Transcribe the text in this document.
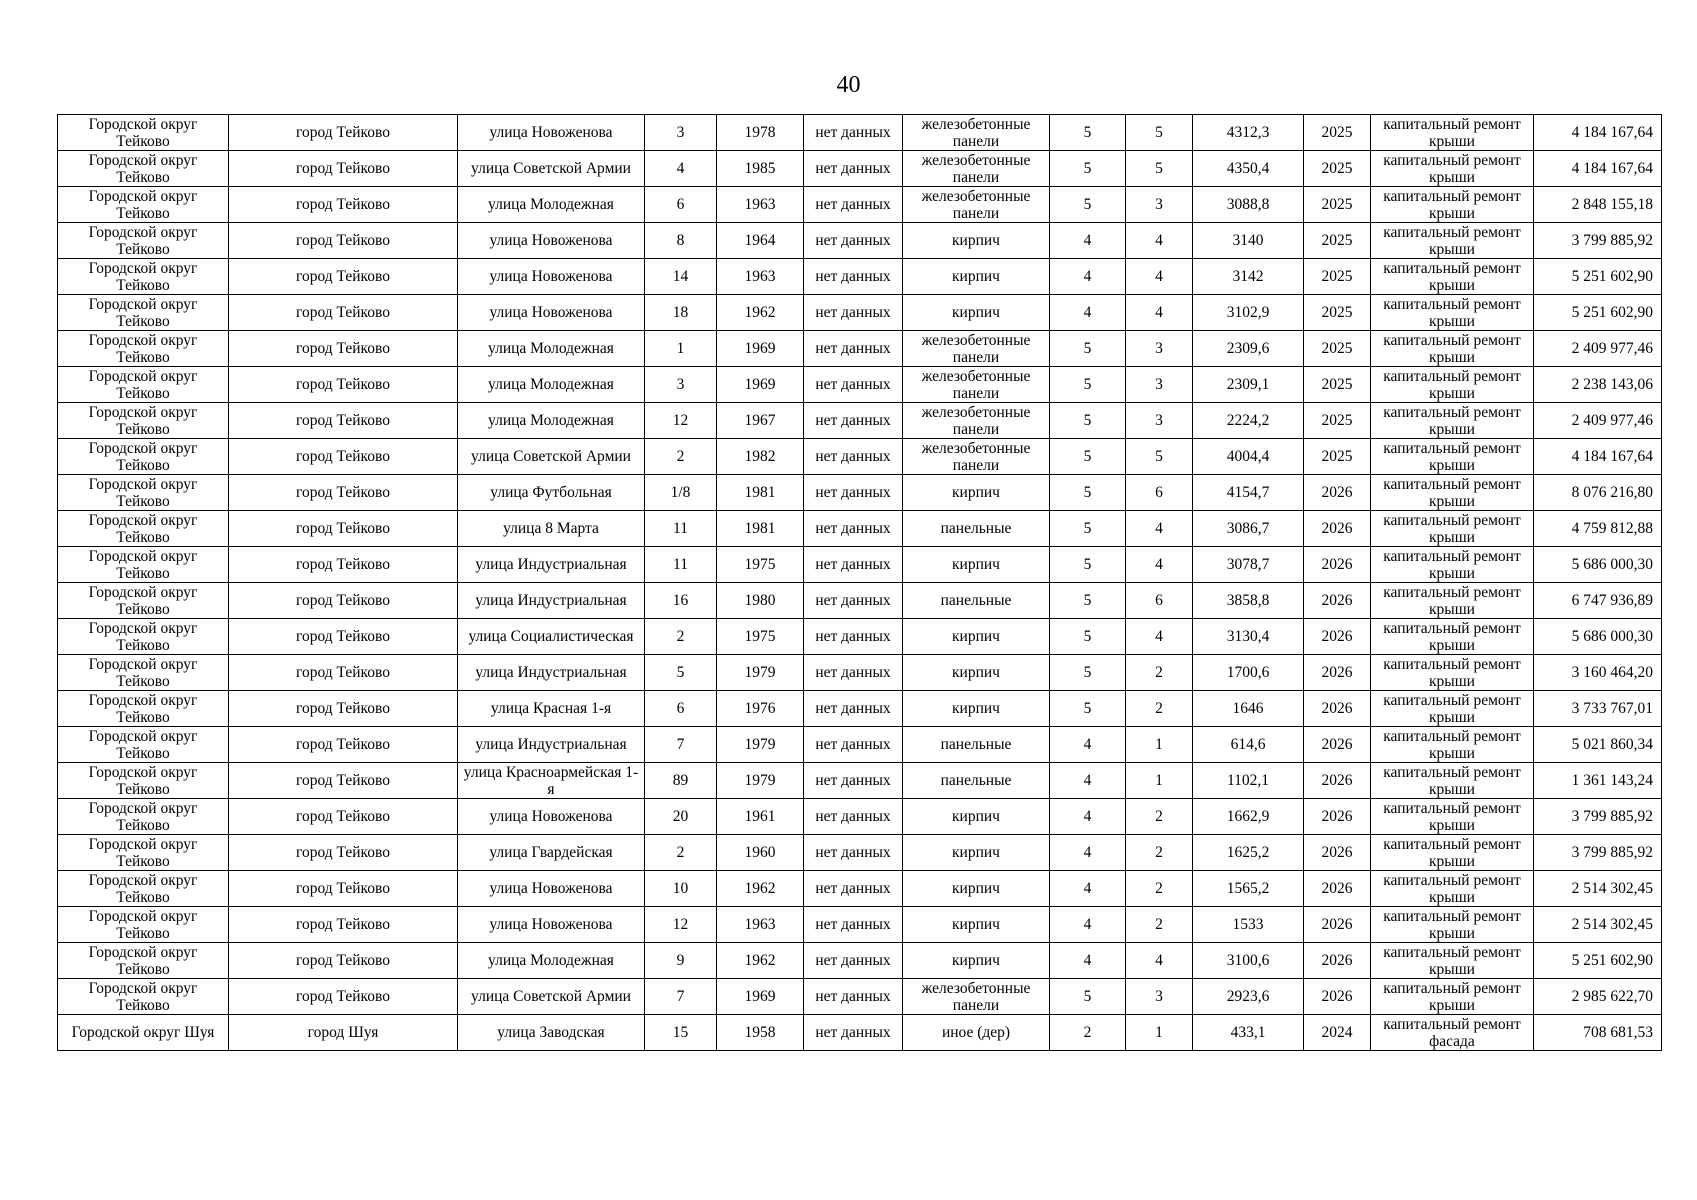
40
Городской округ Тейково	город Тейково	улица Новоженова	3	1978	нет данных	железобетонные панели	5	5	4312,3	2025	капитальный ремонт крыши	4 184 167,64
Городской округ Тейково	город Тейково	улица Советской Армии	4	1985	нет данных	железобетонные панели	5	5	4350,4	2025	капитальный ремонт крыши	4 184 167,64
Городской округ Тейково	город Тейково	улица Молодежная	6	1963	нет данных	железобетонные панели	5	3	3088,8	2025	капитальный ремонт крыши	2 848 155,18
Городской округ Тейково	город Тейково	улица Новоженова	8	1964	нет данных	кирпич	4	4	3140	2025	капитальный ремонт крыши	3 799 885,92
Городской округ Тейково	город Тейково	улица Новоженова	14	1963	нет данных	кирпич	4	4	3142	2025	капитальный ремонт крыши	5 251 602,90
Городской округ Тейково	город Тейково	улица Новоженова	18	1962	нет данных	кирпич	4	4	3102,9	2025	капитальный ремонт крыши	5 251 602,90
Городской округ Тейково	город Тейково	улица Молодежная	1	1969	нет данных	железобетонные панели	5	3	2309,6	2025	капитальный ремонт крыши	2 409 977,46
Городской округ Тейково	город Тейково	улица Молодежная	3	1969	нет данных	железобетонные панели	5	3	2309,1	2025	капитальный ремонт крыши	2 238 143,06
Городской округ Тейково	город Тейково	улица Молодежная	12	1967	нет данных	железобетонные панели	5	3	2224,2	2025	капитальный ремонт крыши	2 409 977,46
Городской округ Тейково	город Тейково	улица Советской Армии	2	1982	нет данных	железобетонные панели	5	5	4004,4	2025	капитальный ремонт крыши	4 184 167,64
Городской округ Тейково	город Тейково	улица Футбольная	1/8	1981	нет данных	кирпич	5	6	4154,7	2026	капитальный ремонт крыши	8 076 216,80
Городской округ Тейково	город Тейково	улица 8 Марта	11	1981	нет данных	панельные	5	4	3086,7	2026	капитальный ремонт крыши	4 759 812,88
Городской округ Тейково	город Тейково	улица Индустриальная	11	1975	нет данных	кирпич	5	4	3078,7	2026	капитальный ремонт крыши	5 686 000,30
Городской округ Тейково	город Тейково	улица Индустриальная	16	1980	нет данных	панельные	5	6	3858,8	2026	капитальный ремонт крыши	6 747 936,89
Городской округ Тейково	город Тейково	улица Социалистическая	2	1975	нет данных	кирпич	5	4	3130,4	2026	капитальный ремонт крыши	5 686 000,30
Городской округ Тейково	город Тейково	улица Индустриальная	5	1979	нет данных	кирпич	5	2	1700,6	2026	капитальный ремонт крыши	3 160 464,20
Городской округ Тейково	город Тейково	улица Красная 1-я	6	1976	нет данных	кирпич	5	2	1646	2026	капитальный ремонт крыши	3 733 767,01
Городской округ Тейково	город Тейково	улица Индустриальная	7	1979	нет данных	панельные	4	1	614,6	2026	капитальный ремонт крыши	5 021 860,34
Городской округ Тейково	город Тейково	улица Красноармейская 1-я	89	1979	нет данных	панельные	4	1	1102,1	2026	капитальный ремонт крыши	1 361 143,24
Городской округ Тейково	город Тейково	улица Новоженова	20	1961	нет данных	кирпич	4	2	1662,9	2026	капитальный ремонт крыши	3 799 885,92
Городской округ Тейково	город Тейково	улица Гвардейская	2	1960	нет данных	кирпич	4	2	1625,2	2026	капитальный ремонт крыши	3 799 885,92
Городской округ Тейково	город Тейково	улица Новоженова	10	1962	нет данных	кирпич	4	2	1565,2	2026	капитальный ремонт крыши	2 514 302,45
Городской округ Тейково	город Тейково	улица Новоженова	12	1963	нет данных	кирпич	4	2	1533	2026	капитальный ремонт крыши	2 514 302,45
Городской округ Тейково	город Тейково	улица Молодежная	9	1962	нет данных	кирпич	4	4	3100,6	2026	капитальный ремонт крыши	5 251 602,90
Городской округ Тейково	город Тейково	улица Советской Армии	7	1969	нет данных	железобетонные панели	5	3	2923,6	2026	капитальный ремонт крыши	2 985 622,70
Городской округ Шуя	город Шуя	улица Заводская	15	1958	нет данных	иное (дер)	2	1	433,1	2024	капитальный ремонт фасада	708 681,53
